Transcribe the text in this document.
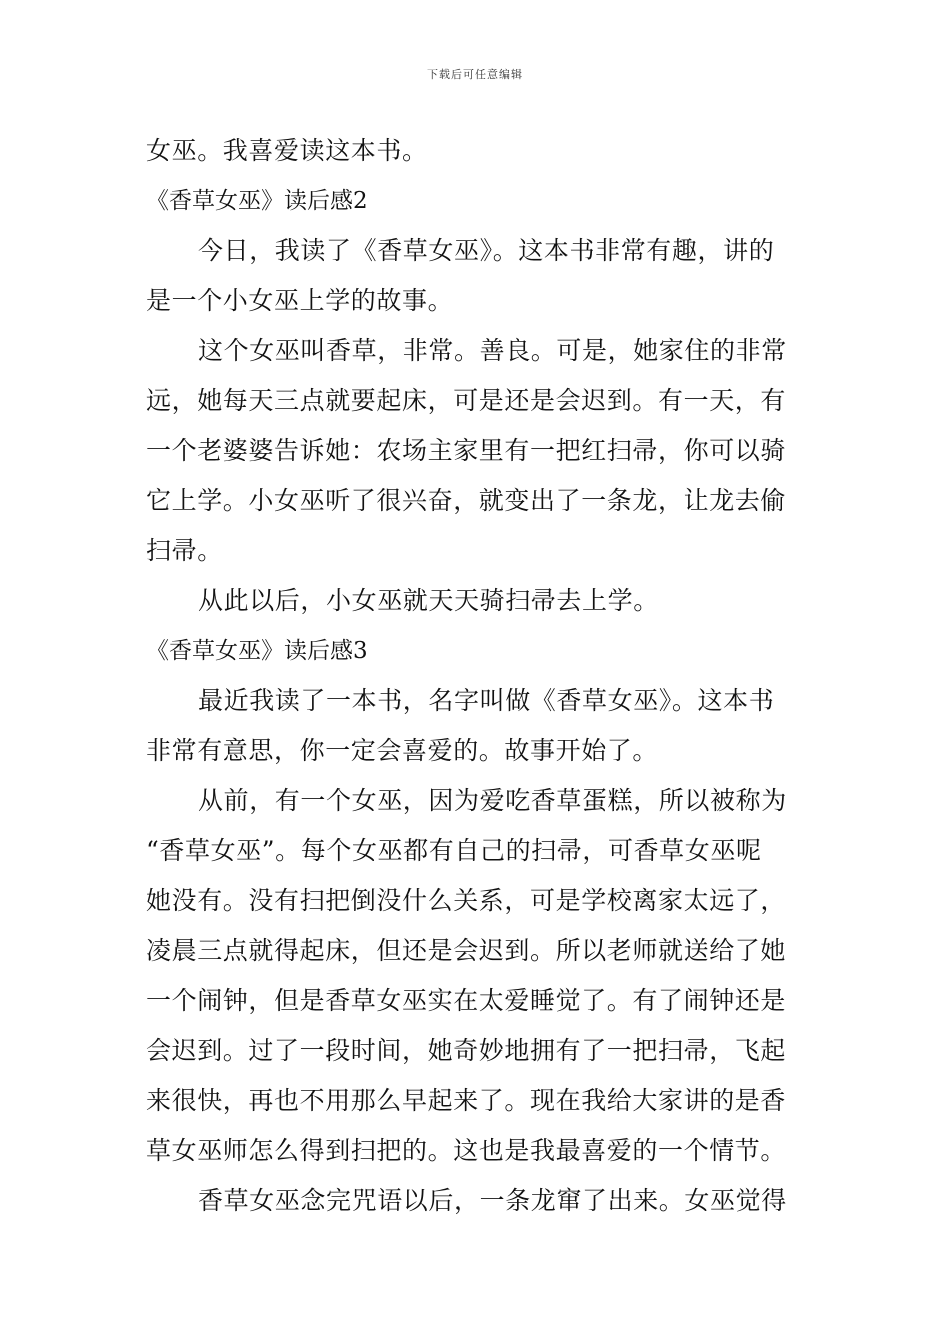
下载后可任意编辑
女巫。我喜爱读这本书。
《香草女巫》读后感2
今日，我读了《香草女巫》。这本书非常有趣，讲的
是一个小女巫上学的故事。
这个女巫叫香草，非常。善良。可是，她家住的非常
远，她每天三点就要起床，可是还是会迟到。有一天，有
一个老婆婆告诉她：农场主家里有一把红扫帚，你可以骑
它上学。小女巫听了很兴奋，就变出了一条龙，让龙去偷
扫帚。
从此以后，小女巫就天天骑扫帚去上学。
《香草女巫》读后感3
最近我读了一本书，名字叫做《香草女巫》。这本书
非常有意思，你一定会喜爱的。故事开始了。
从前，有一个女巫，因为爱吃香草蛋糕，所以被称为
“香草女巫”。每个女巫都有自己的扫帚，可香草女巫呢
她没有。没有扫把倒没什么关系，可是学校离家太远了，
凌晨三点就得起床，但还是会迟到。所以老师就送给了她
一个闹钟，但是香草女巫实在太爱睡觉了。有了闹钟还是
会迟到。过了一段时间，她奇妙地拥有了一把扫帚，飞起
来很快，再也不用那么早起来了。现在我给大家讲的是香
草女巫师怎么得到扫把的。这也是我最喜爱的一个情节。
香草女巫念完咒语以后，一条龙窜了出来。女巫觉得
